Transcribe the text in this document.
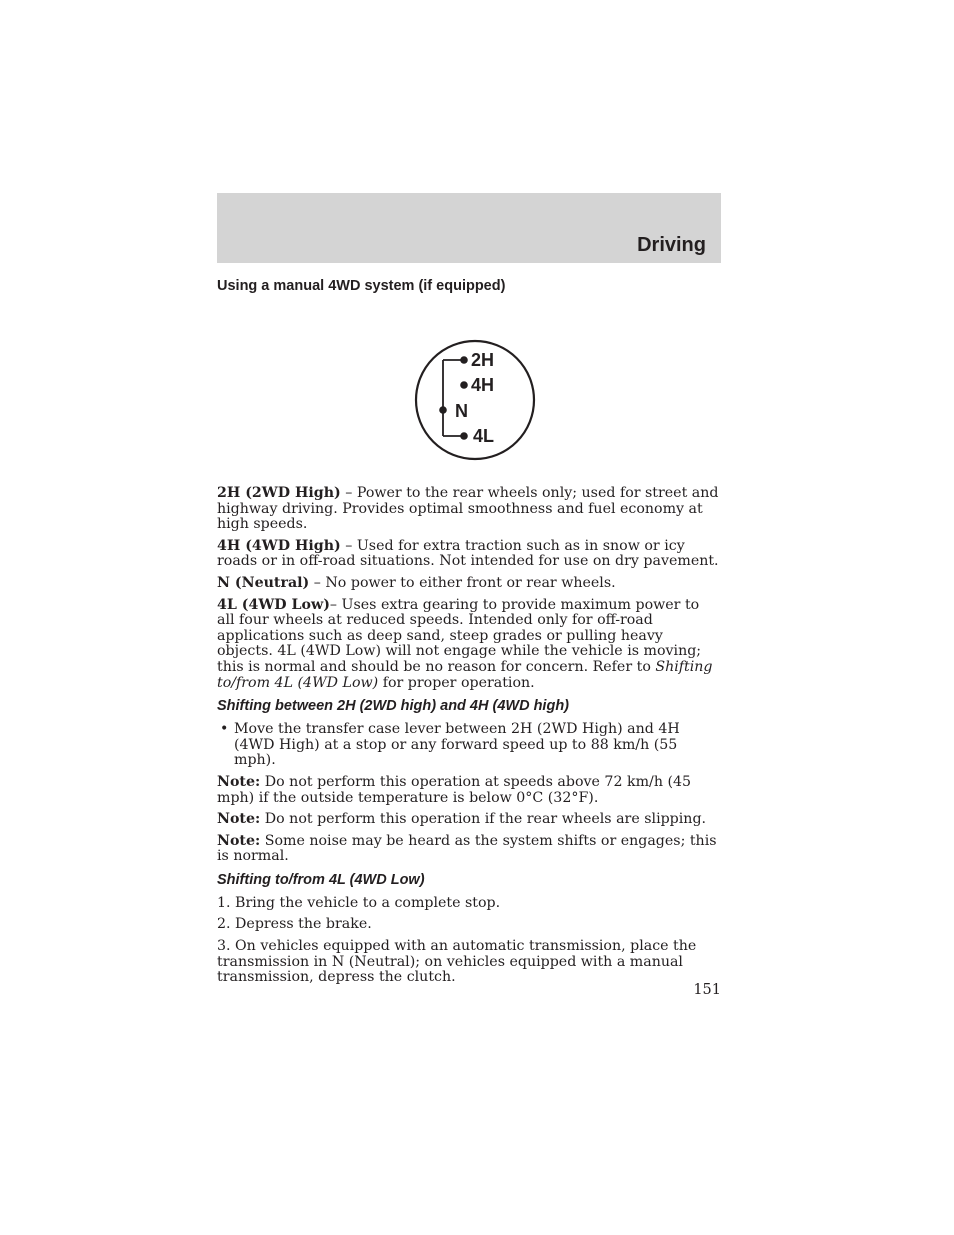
Driving
Using a manual 4WD system (if equipped)
2H
4H
N
4L

2H (2WD High) – Power to the rear wheels only; used for street and highway driving. Provides optimal smoothness and fuel economy at high speeds.

4H (4WD High) – Used for extra traction such as in snow or icy roads or in off-road situations. Not intended for use on dry pavement.

N (Neutral) – No power to either front or rear wheels.

4L (4WD Low)– Uses extra gearing to provide maximum power to all four wheels at reduced speeds. Intended only for off-road applications such as deep sand, steep grades or pulling heavy objects. 4L (4WD Low) will not engage while the vehicle is moving; this is normal and should be no reason for concern. Refer to Shifting to/from 4L (4WD Low) for proper operation.

Shifting between 2H (2WD high) and 4H (4WD high)

• Move the transfer case lever between 2H (2WD High) and 4H (4WD High) at a stop or any forward speed up to 88 km/h (55 mph).

Note: Do not perform this operation at speeds above 72 km/h (45 mph) if the outside temperature is below 0°C (32°F).

Note: Do not perform this operation if the rear wheels are slipping.

Note: Some noise may be heard as the system shifts or engages; this is normal.

Shifting to/from 4L (4WD Low)

1. Bring the vehicle to a complete stop.

2. Depress the brake.

3. On vehicles equipped with an automatic transmission, place the transmission in N (Neutral); on vehicles equipped with a manual transmission, depress the clutch.

151
